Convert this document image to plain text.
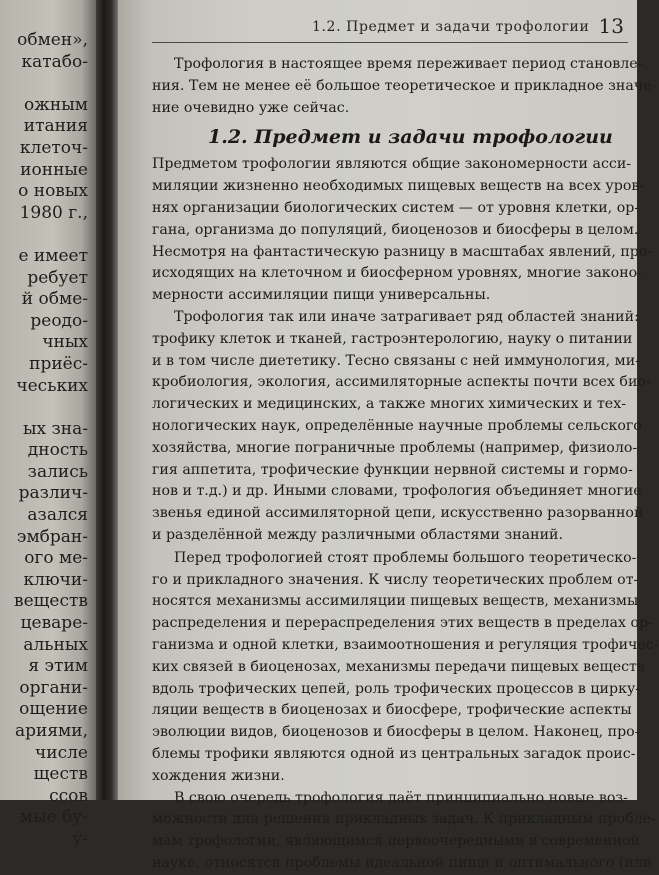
обмен»,
катабо-

ожным
итания
клеточ-
ионные
о новых
1980 г.,

е имеет
ребует
й обме-
реодо-
чных
приёс-
чеських

ых зна-
дность
зались
различ-
азался
эмбран-
ого ме-
ключи-
веществ
цеваре-
альных
я этим
органи-
ощение
ариями,
числе
ществ
ссов
мые бу-
у-
1.2. Предмет и задачи трофологии 13
Трофология в настоящее время переживает период становле-
ния. Тем не менее её большое теоретическое и прикладное значе-
ние очевидно уже сейчас.
1.2. Предмет и задачи трофологии
Предметом трофологии являются общие закономерности асси-
миляции жизненно необходимых пищевых веществ на всех уров-
нях организации биологических систем — от уровня клетки, ор-
гана, организма до популяций, биоценозов и биосферы в целом.
Несмотря на фантастическую разницу в масштабах явлений, про-
исходящих на клеточном и биосферном уровнях, многие законо-
мерности ассимиляции пищи универсальны.
Трофология так или иначе затрагивает ряд областей знаний:
трофику клеток и тканей, гастроэнтерологию, науку о питании
и в том числе диететику. Тесно связаны с ней иммунология, ми-
кробиология, экология, ассимиляторные аспекты почти всех био-
логических и медицинских, а также многих химических и тех-
нологических наук, определённые научные проблемы сельского
хозяйства, многие пограничные проблемы (например, физиоло-
гия аппетита, трофические функции нервной системы и гормо-
нов и т.д.) и др. Иными словами, трофология объединяет многие
звенья единой ассимиляторной цепи, искусственно разорванной
и разделённой между различными областями знаний.
Перед трофологией стоят проблемы большого теоретическо-
го и прикладного значения. К числу теоретических проблем от-
носятся механизмы ассимиляции пищевых веществ, механизмы
распределения и перераспределения этих веществ в пределах ор-
ганизма и одной клетки, взаимоотношения и регуляция трофичес-
ких связей в биоценозах, механизмы передачи пищевых веществ
вдоль трофических цепей, роль трофических процессов в цирку-
ляции веществ в биоценозах и биосфере, трофические аспекты
эволюции видов, биоценозов и биосферы в целом. Наконец, про-
блемы трофики являются одной из центральных загадок проис-
хождения жизни.
В свою очередь трофология даёт принципиально новые воз-
можности для решения прикладных задач. К прикладным пробле-
мам трофологии, являющимся первоочередными в современной
науке, относятся проблемы идеальной пищи и оптимального (или
